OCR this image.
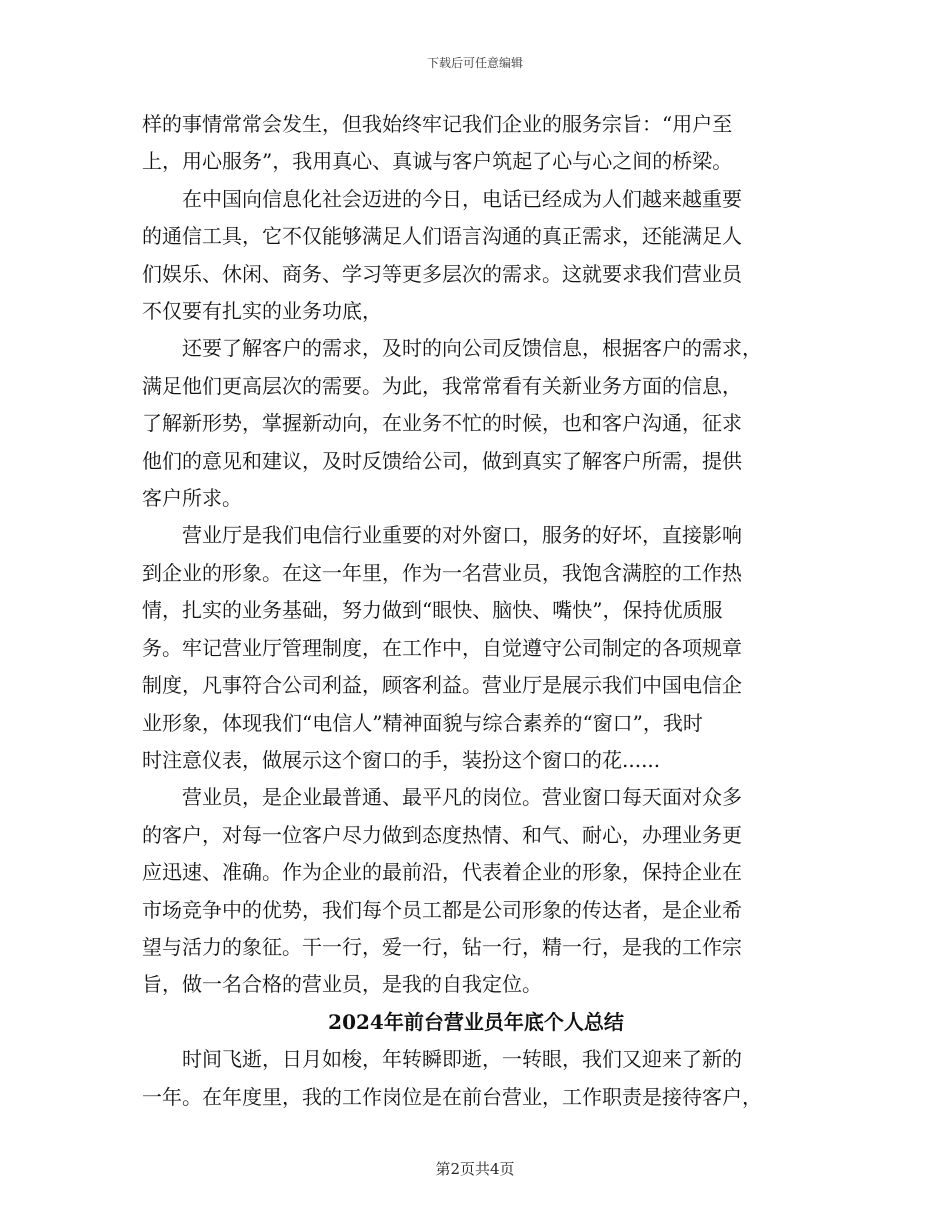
下载后可任意编辑

样的事情常常会发生，但我始终牢记我们企业的服务宗旨：“用户至
上，用心服务”，我用真心、真诚与客户筑起了心与心之间的桥梁。

在中国向信息化社会迈进的今日，电话已经成为人们越来越重要
的通信工具，它不仅能够满足人们语言沟通的真正需求，还能满足人
们娱乐、休闲、商务、学习等更多层次的需求。这就要求我们营业员
不仅要有扎实的业务功底，

还要了解客户的需求，及时的向公司反馈信息，根据客户的需求，
满足他们更高层次的需要。为此，我常常看有关新业务方面的信息，
了解新形势，掌握新动向，在业务不忙的时候，也和客户沟通，征求
他们的意见和建议，及时反馈给公司，做到真实了解客户所需，提供
客户所求。

营业厅是我们电信行业重要的对外窗口，服务的好坏，直接影响
到企业的形象。在这一年里，作为一名营业员，我饱含满腔的工作热
情，扎实的业务基础，努力做到“眼快、脑快、嘴快”，保持优质服
务。牢记营业厅管理制度，在工作中，自觉遵守公司制定的各项规章
制度，凡事符合公司利益，顾客利益。营业厅是展示我们中国电信企
业形象，体现我们“电信人”精神面貌与综合素养的“窗口”，我时
时注意仪表，做展示这个窗口的手，装扮这个窗口的花......

营业员，是企业最普通、最平凡的岗位。营业窗口每天面对众多
的客户，对每一位客户尽力做到态度热情、和气、耐心，办理业务更
应迅速、准确。作为企业的最前沿，代表着企业的形象，保持企业在
市场竞争中的优势，我们每个员工都是公司形象的传达者，是企业希
望与活力的象征。干一行，爱一行，钻一行，精一行，是我的工作宗
旨，做一名合格的营业员，是我的自我定位。

2024年前台营业员年底个人总结

时间飞逝，日月如梭，年转瞬即逝，一转眼，我们又迎来了新的
一年。在年度里，我的工作岗位是在前台营业，工作职责是接待客户，

第2页共4页
